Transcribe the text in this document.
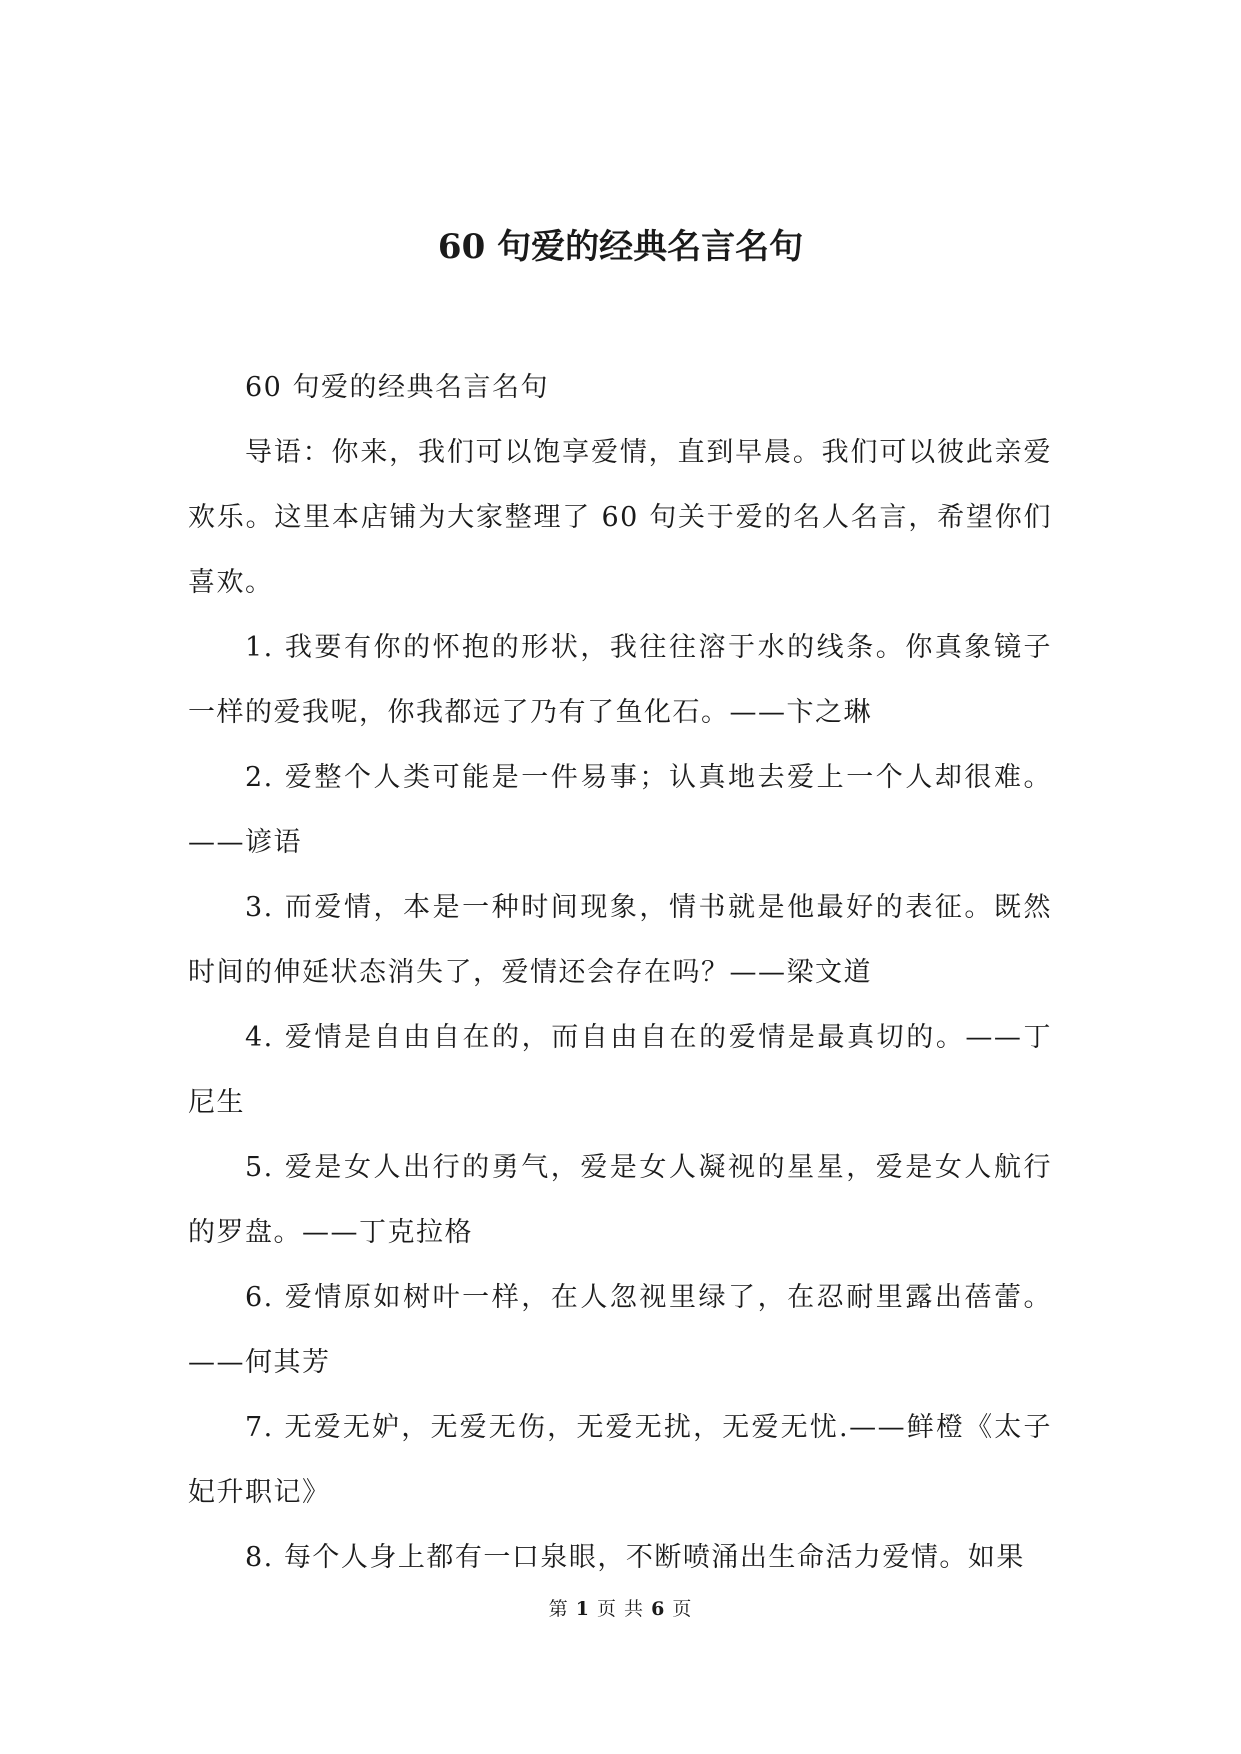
60 句爱的经典名言名句

60 句爱的经典名言名句

导语：你来，我们可以饱享爱情，直到早晨。我们可以彼此亲爱欢乐。这里本店铺为大家整理了 60 句关于爱的名人名言，希望你们喜欢。

1. 我要有你的怀抱的形状，我往往溶于水的线条。你真象镜子一样的爱我呢，你我都远了乃有了鱼化石。——卞之琳

2. 爱整个人类可能是一件易事；认真地去爱上一个人却很难。——谚语

3. 而爱情，本是一种时间现象，情书就是他最好的表征。既然时间的伸延状态消失了，爱情还会存在吗？——梁文道

4. 爱情是自由自在的，而自由自在的爱情是最真切的。——丁尼生

5. 爱是女人出行的勇气，爱是女人凝视的星星，爱是女人航行的罗盘。——丁克拉格

6. 爱情原如树叶一样，在人忽视里绿了，在忍耐里露出蓓蕾。——何其芳

7. 无爱无妒，无爱无伤，无爱无扰，无爱无忧.——鲜橙《太子妃升职记》

8. 每个人身上都有一口泉眼，不断喷涌出生命活力爱情。如果

第 1 页 共 6 页
